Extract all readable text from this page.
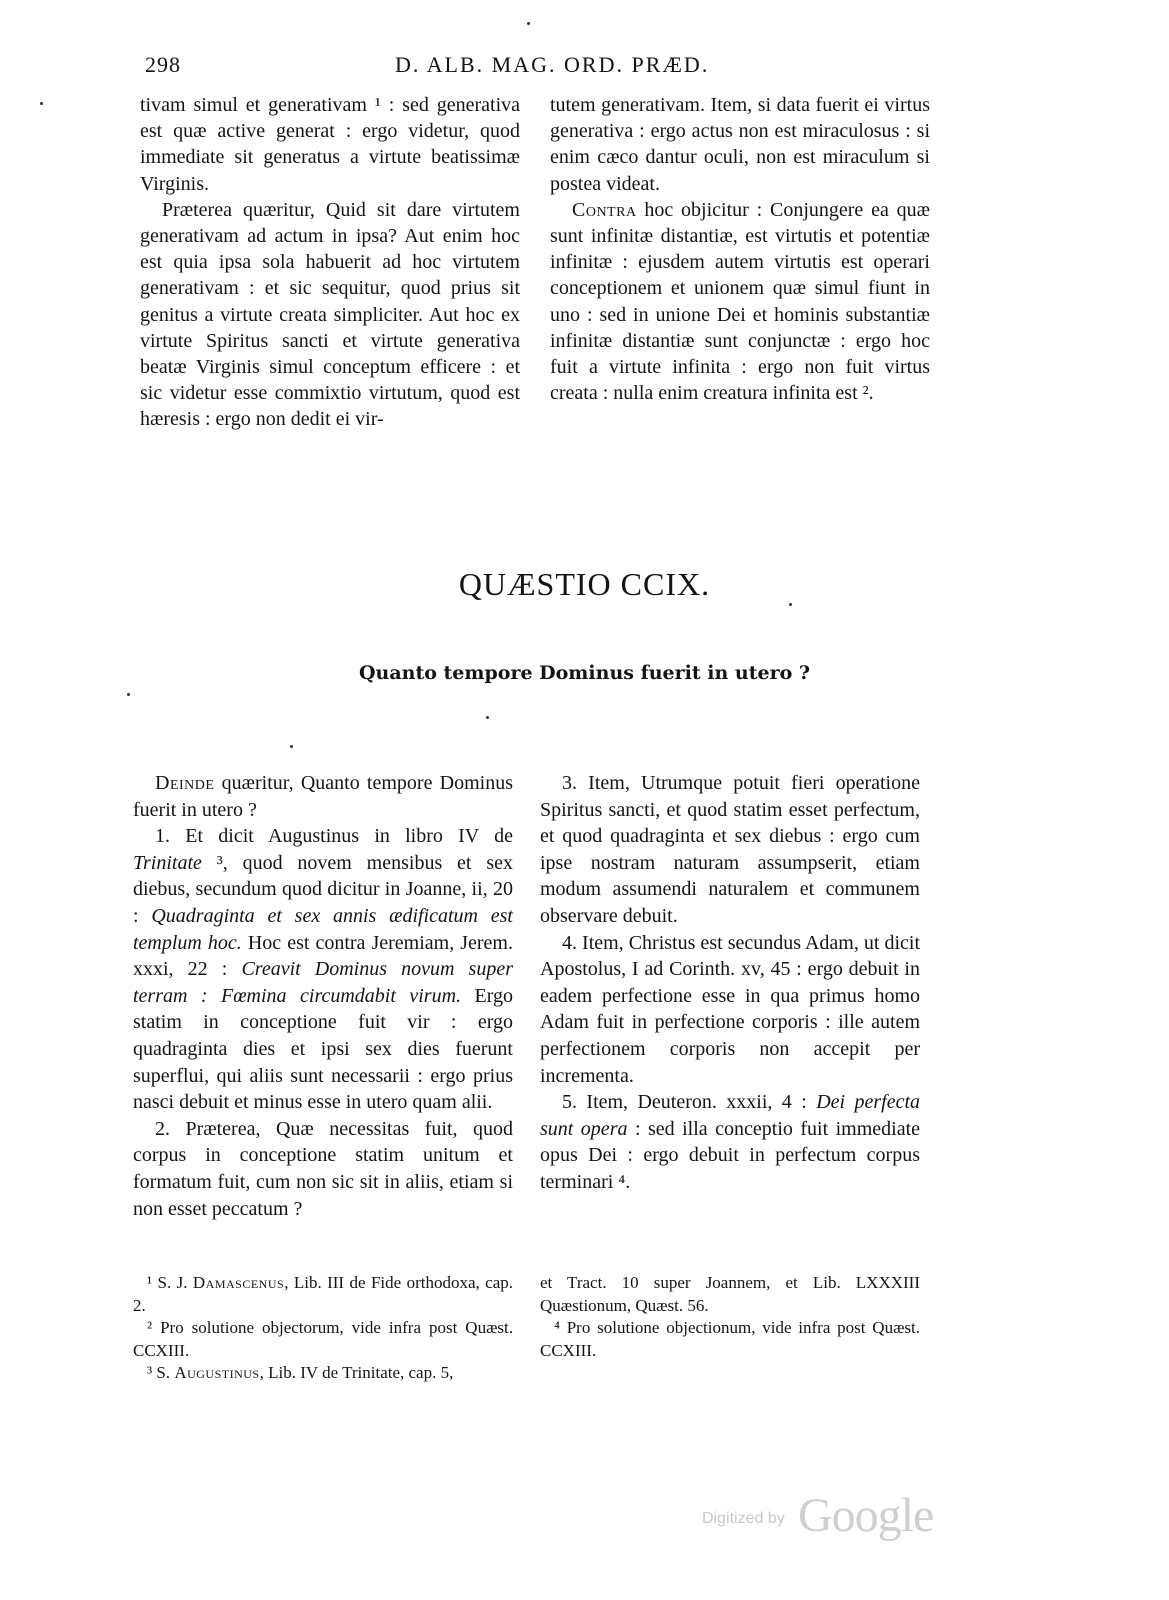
298	D. ALB. MAG. ORD. PRÆD.

tivam simul et generativam ¹ : sed generativa est quæ active generat : ergo videtur, quod immediate sit generatus a virtute beatissimæ Virginis.

Præterea quæritur, Quid sit dare virtutem generativam ad actum in ipsa? Aut enim hoc est quia ipsa sola habuerit ad hoc virtutem generativam : et sic sequitur, quod prius sit genitus a virtute creata simpliciter. Aut hoc ex virtute Spiritus sancti et virtute generativa beatæ Virginis simul conceptum efficere : et sic videtur esse commixtio virtutum, quod est hæresis : ergo non dedit ei vir-

tutem generativam. Item, si data fuerit ei virtus generativa : ergo actus non est miraculosus : si enim cæco dantur oculi, non est miraculum si postea videat.

Contra hoc objicitur : Conjungere ea quæ sunt infinitæ distantiæ, est virtutis et potentiæ infinitæ : ejusdem autem virtutis est operari conceptionem et unionem quæ simul fiunt in uno : sed in unione Dei et hominis substantiæ infinitæ distantiæ sunt conjunctæ : ergo hoc fuit a virtute infinita : ergo non fuit virtus creata : nulla enim creatura infinita est ².

QUÆSTIO CCIX.
Quanto tempore Dominus fuerit in utero ?

Deinde quæritur, Quanto tempore Dominus fuerit in utero ?

1. Et dicit Augustinus in libro IV de Trinitate ³, quod novem mensibus et sex diebus, secundum quod dicitur in Joanne, ii, 20 : Quadraginta et sex annis ædificatum est templum hoc. Hoc est contra Jeremiam, Jerem. xxxi, 22 : Creavit Dominus novum super terram : Fœmina circumdabit virum. Ergo statim in conceptione fuit vir : ergo quadraginta dies et ipsi sex dies fuerunt superflui, qui aliis sunt necessarii : ergo prius nasci debuit et minus esse in utero quam alii.

2. Præterea, Quæ necessitas fuit, quod corpus in conceptione statim unitum et formatum fuit, cum non sic sit in aliis, etiam si non esset peccatum ?

3. Item, Utrumque potuit fieri operatione Spiritus sancti, et quod statim esset perfectum, et quod quadraginta et sex diebus : ergo cum ipse nostram naturam assumpserit, etiam modum assumendi naturalem et communem observare debuit.

4. Item, Christus est secundus Adam, ut dicit Apostolus, I ad Corinth. xv, 45 : ergo debuit in eadem perfectione esse in qua primus homo Adam fuit in perfectione corporis : ille autem perfectionem corporis non accepit per incrementa.

5. Item, Deuteron. xxxii, 4 : Dei perfecta sunt opera : sed illa conceptio fuit immediate opus Dei : ergo debuit in perfectum corpus terminari ⁴.

¹ S. J. Damascenus, Lib. III de Fide orthodoxa, cap. 2.

² Pro solutione objectorum, vide infra post Quæst. CCXIII.

³ S. Augustinus, Lib. IV de Trinitate, cap. 5,

et Tract. 10 super Joannem, et Lib. LXXXIII Quæstionum, Quæst. 56.

⁴ Pro solutione objectionum, vide infra post Quæst. CCXIII.

Digitized by Google
